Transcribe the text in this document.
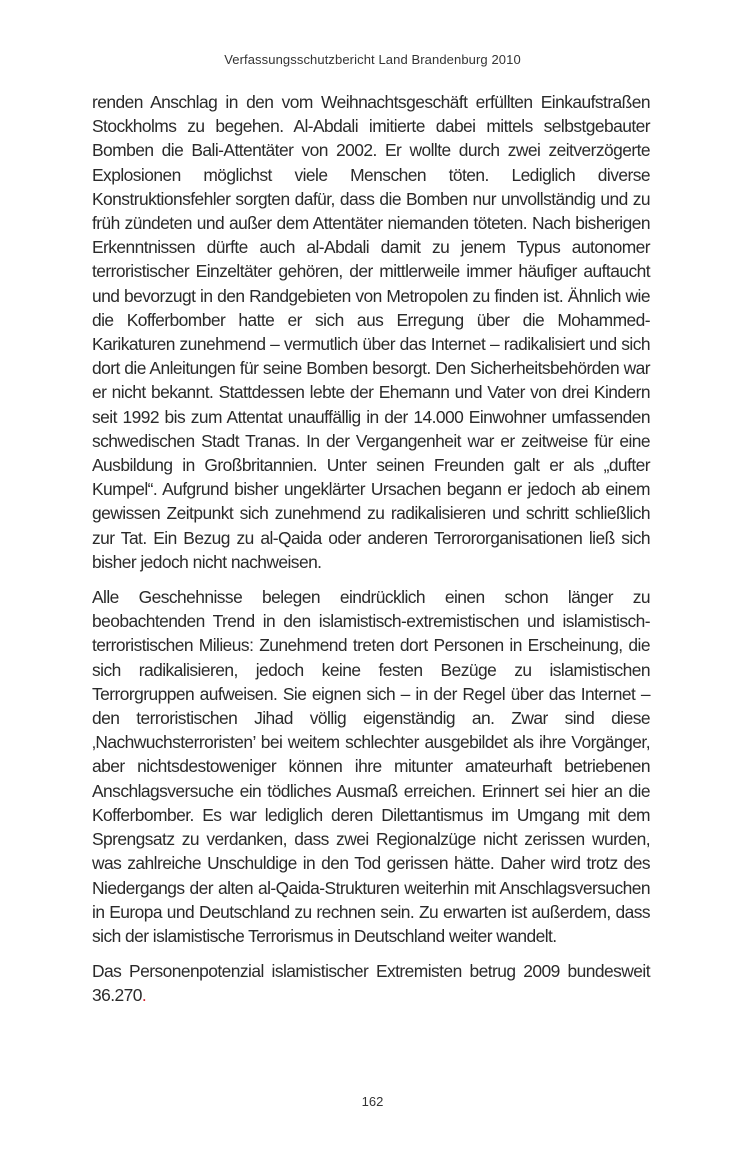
Verfassungsschutzbericht Land Brandenburg 2010

renden Anschlag in den vom Weihnachtsgeschäft erfüllten Einkaufstraßen Stockholms zu begehen. Al-Abdali imitierte dabei mittels selbstgebauter Bomben die Bali-Attentäter von 2002. Er wollte durch zwei zeitverzögerte Explosionen möglichst viele Menschen töten. Lediglich diverse Konstruktionsfehler sorgten dafür, dass die Bomben nur unvollständig und zu früh zündeten und außer dem Attentäter niemanden töteten. Nach bisherigen Erkenntnissen dürfte auch al-Abdali damit zu jenem Typus autonomer terroristischer Einzeltäter gehören, der mittlerweile immer häufiger auftaucht und bevorzugt in den Randgebieten von Metropolen zu finden ist. Ähnlich wie die Kofferbomber hatte er sich aus Erregung über die Mohammed-Karikaturen zunehmend – vermutlich über das Internet – radikalisiert und sich dort die Anleitungen für seine Bomben besorgt. Den Sicherheitsbehörden war er nicht bekannt. Stattdessen lebte der Ehemann und Vater von drei Kindern seit 1992 bis zum Attentat unauffällig in der 14.000 Einwohner umfassenden schwedischen Stadt Tranas. In der Vergangenheit war er zeitweise für eine Ausbildung in Großbritannien. Unter seinen Freunden galt er als „dufter Kumpel“. Aufgrund bisher ungeklärter Ursachen begann er jedoch ab einem gewissen Zeitpunkt sich zunehmend zu radikalisieren und schritt schließlich zur Tat. Ein Bezug zu al-Qaida oder anderen Terrororganisationen ließ sich bisher jedoch nicht nachweisen.

Alle Geschehnisse belegen eindrücklich einen schon länger zu beobachtenden Trend in den islamistisch-extremistischen und islamistisch-terroristischen Milieus: Zunehmend treten dort Personen in Erscheinung, die sich radikalisieren, jedoch keine festen Bezüge zu islamistischen Terrorgruppen aufweisen. Sie eignen sich – in der Regel über das Internet – den terroristischen Jihad völlig eigenständig an. Zwar sind diese ‚Nachwuchsterroristen’ bei weitem schlechter ausgebildet als ihre Vorgänger, aber nichtsdestoweniger können ihre mitunter amateurhaft betriebenen Anschlagsversuche ein tödliches Ausmaß erreichen. Erinnert sei hier an die Kofferbomber. Es war lediglich deren Dilettantismus im Umgang mit dem Sprengsatz zu verdanken, dass zwei Regionalzüge nicht zerissen wurden, was zahlreiche Unschuldige in den Tod gerissen hätte. Daher wird trotz des Niedergangs der alten al-Qaida-Strukturen weiterhin mit Anschlagsversuchen in Europa und Deutschland zu rechnen sein. Zu erwarten ist außerdem, dass sich der islamistische Terrorismus in Deutschland weiter wandelt.

Das Personenpotenzial islamistischer Extremisten betrug 2009 bundesweit 36.270.

162
